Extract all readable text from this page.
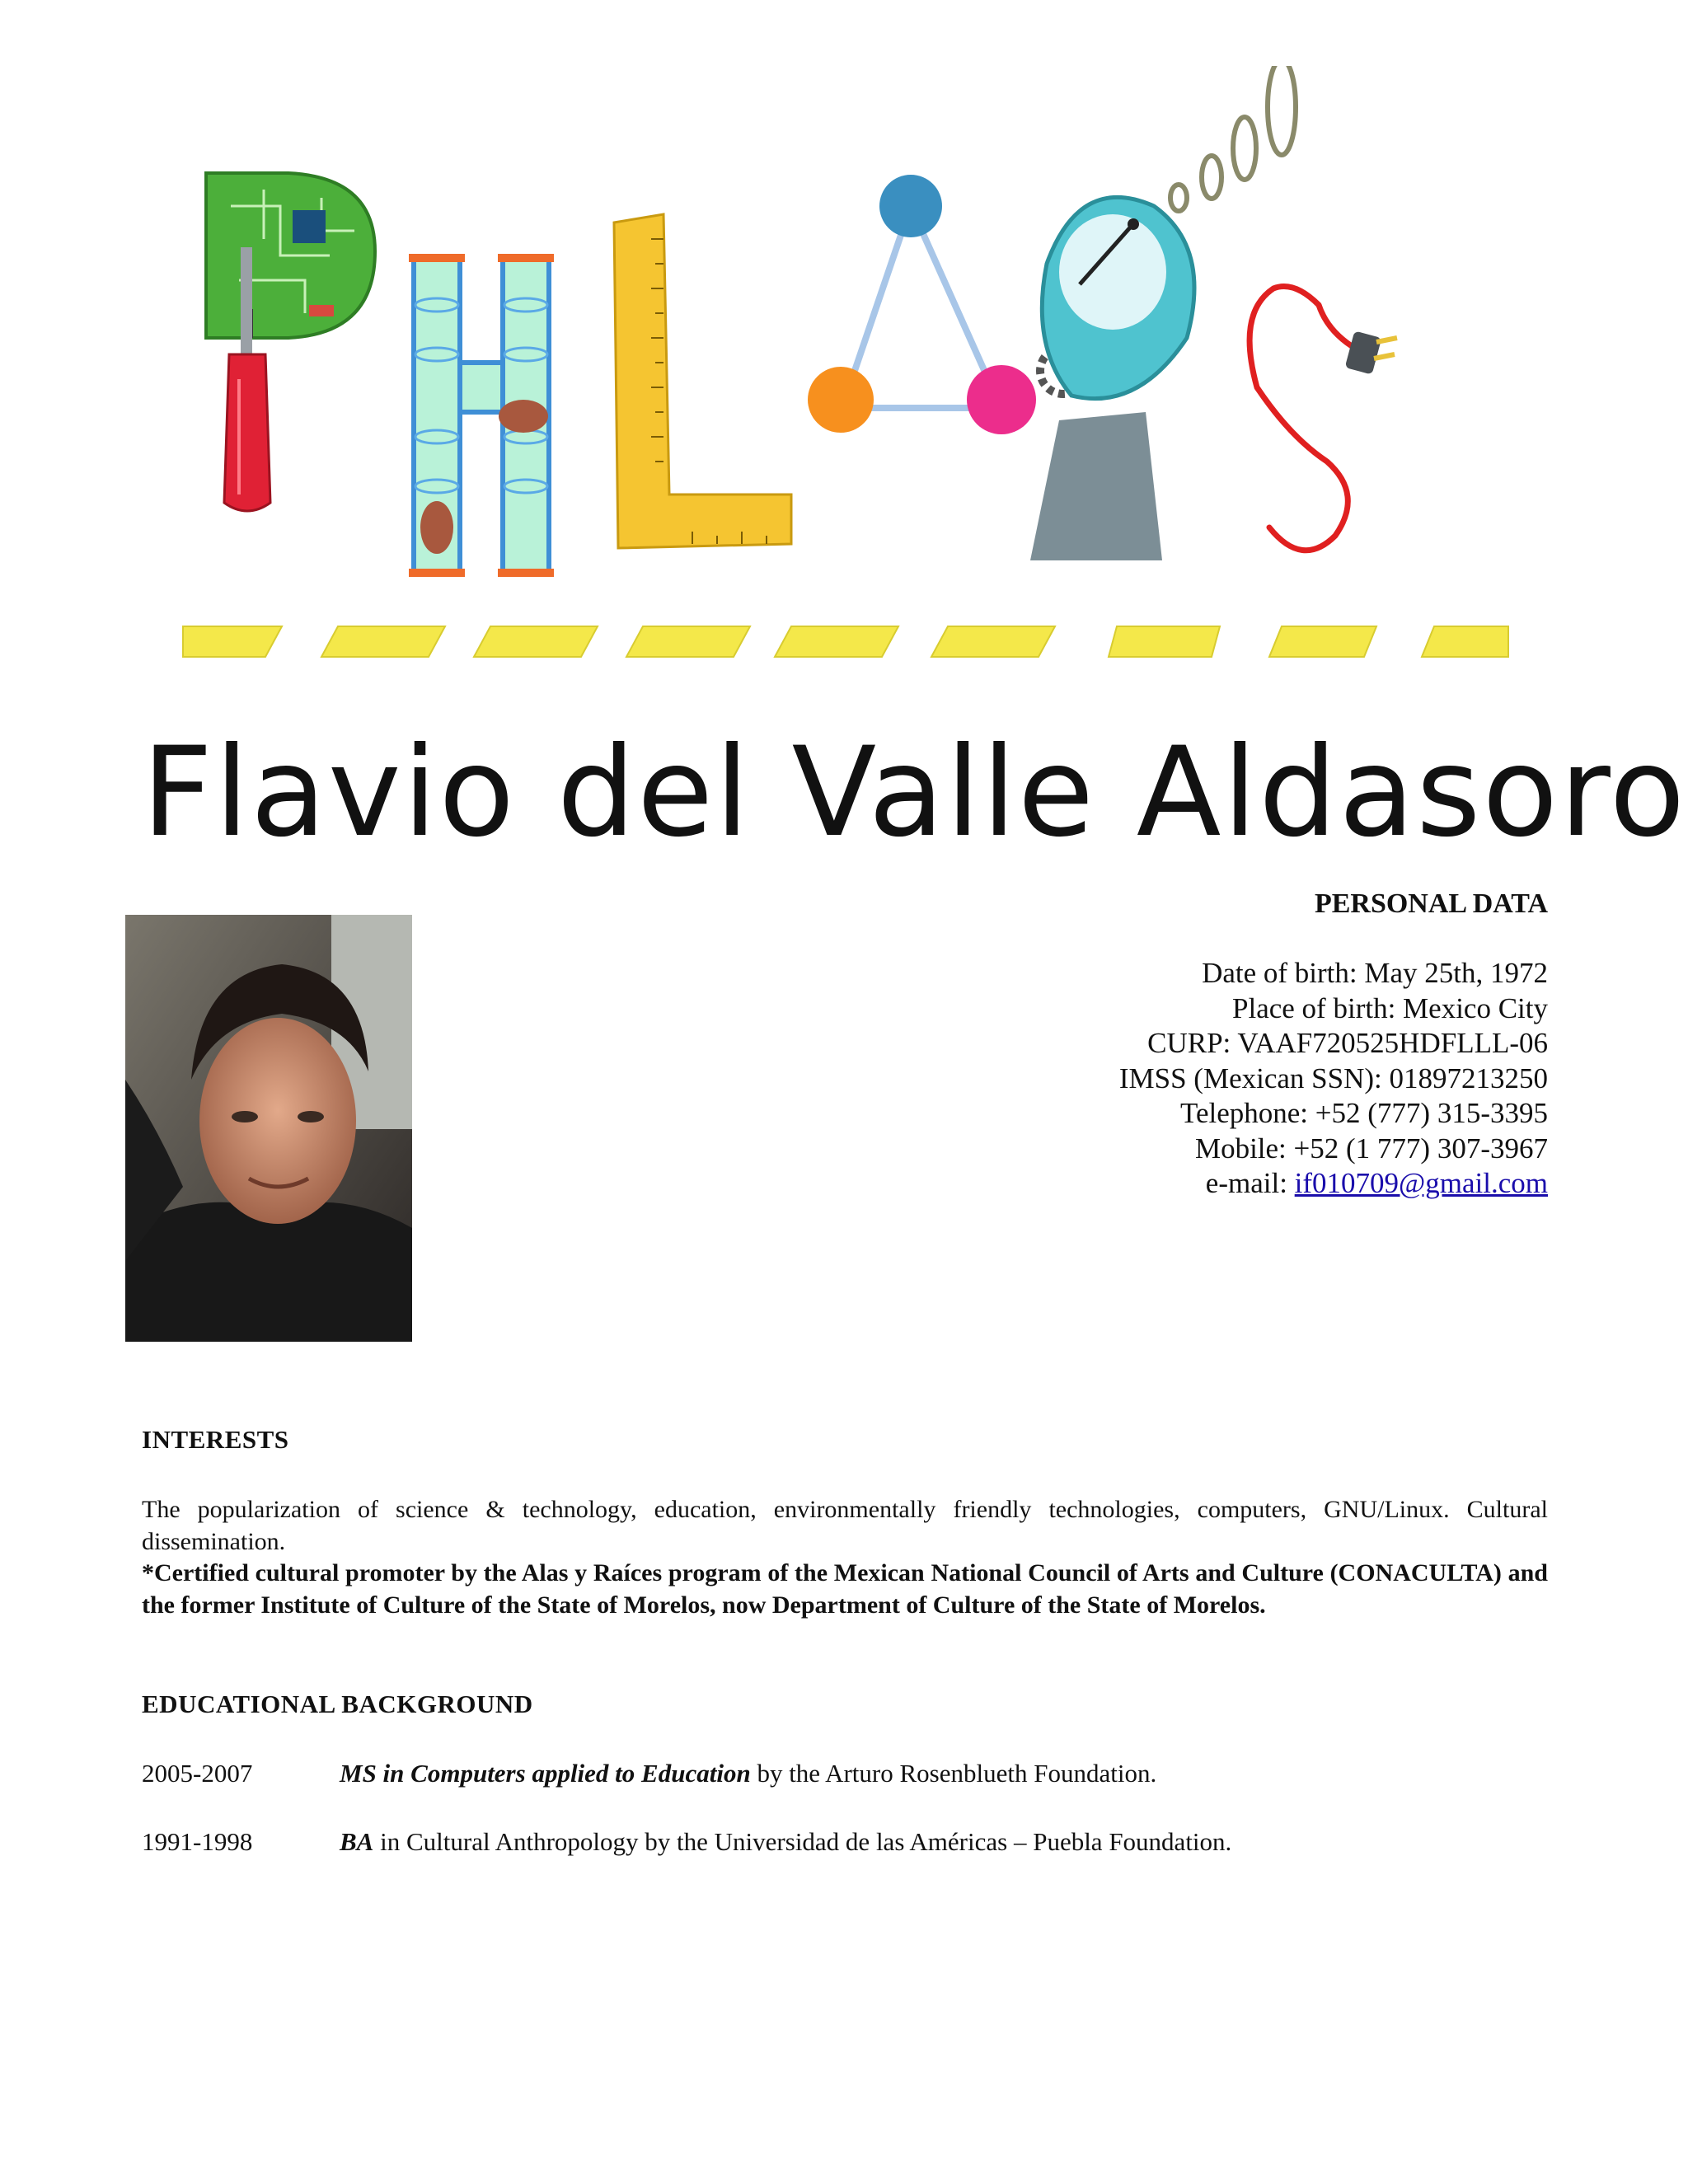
Flavio del Valle Aldasoro
PERSONAL DATA
Date of birth: May 25th, 1972
Place of birth: Mexico City
CURP: VAAF720525HDFLLL-06
IMSS (Mexican SSN): 01897213250
Telephone: +52 (777) 315-3395
Mobile: +52 (1 777) 307-3967
e-mail: if010709@gmail.com
INTERESTS
The popularization of science & technology, education, environmentally friendly technologies, computers, GNU/Linux. Cultural dissemination.
*Certified cultural promoter by the Alas y Raíces program of the Mexican National Council of Arts and Culture (CONACULTA) and the former Institute of Culture of the State of Morelos, now Department of Culture of the State of Morelos.
EDUCATIONAL BACKGROUND
2005-2007	MS in Computers applied to Education by the Arturo Rosenblueth Foundation.
1991-1998	BA in Cultural Anthropology by the Universidad de las Américas – Puebla Foundation.
